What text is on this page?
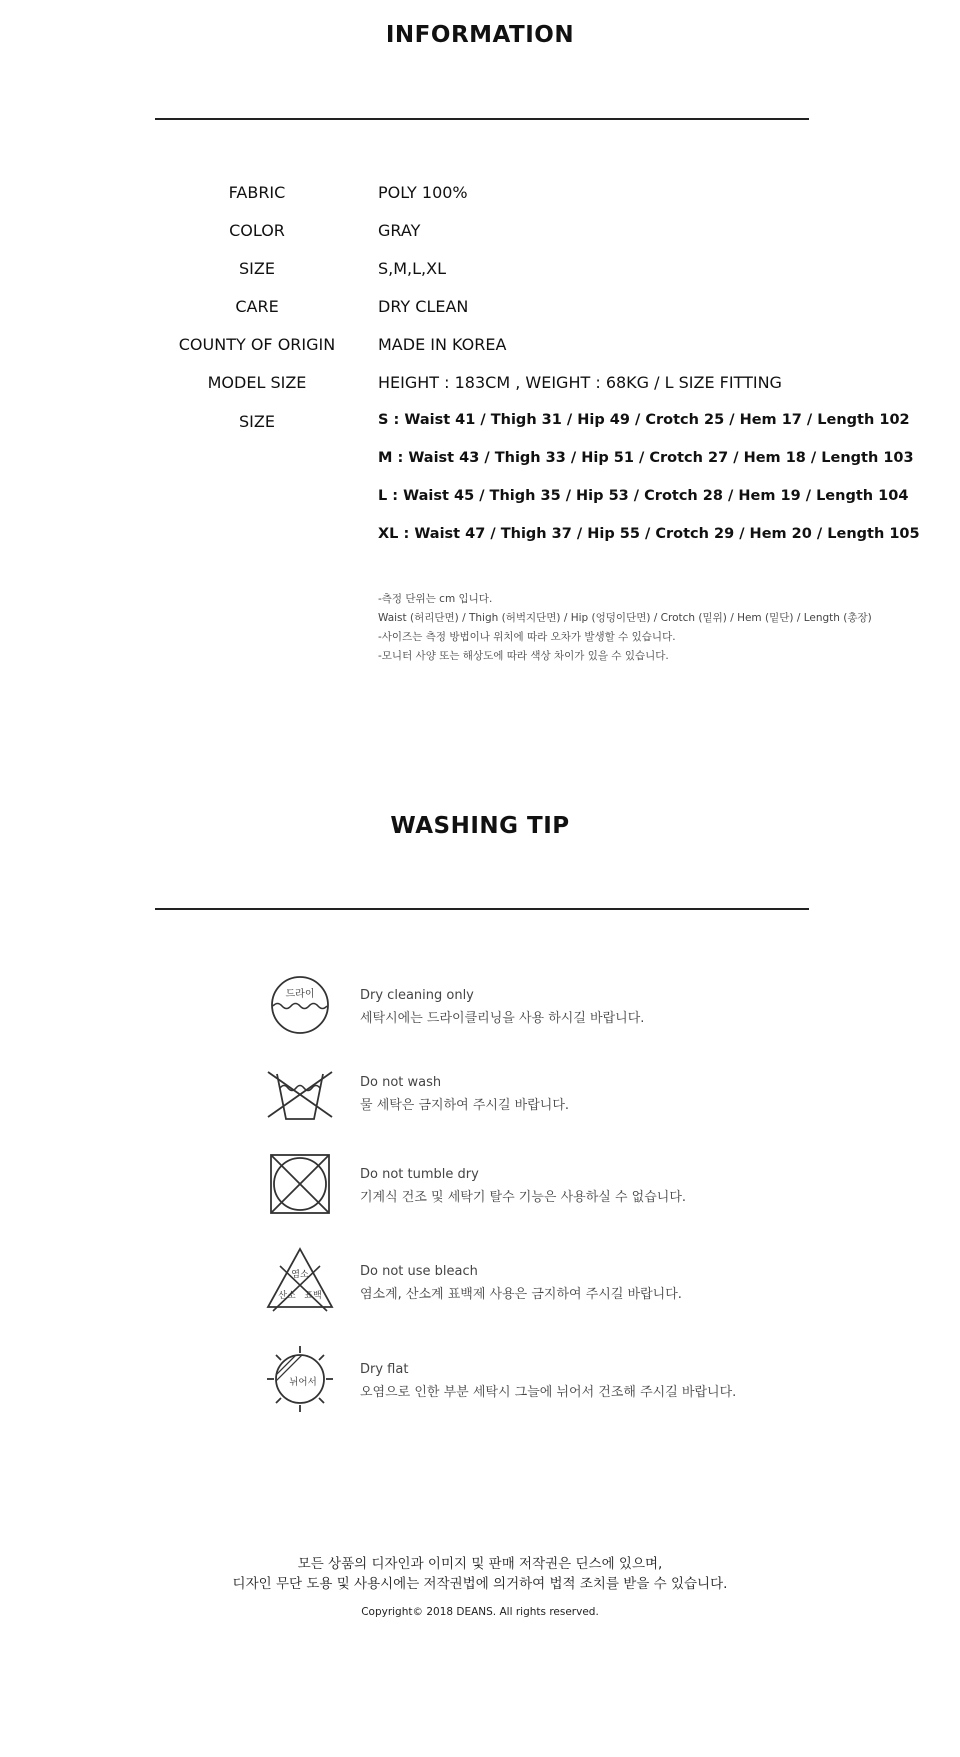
INFORMATION
FABRIC	POLY 100%
COLOR	GRAY
SIZE	S,M,L,XL
CARE	DRY CLEAN
COUNTY OF ORIGIN	MADE IN KOREA
MODEL SIZE	HEIGHT : 183CM , WEIGHT : 68KG / L SIZE FITTING
SIZE	S : Waist 41 / Thigh 31 / Hip 49 / Crotch 25 / Hem 17 / Length 102
M : Waist 43 / Thigh 33 / Hip 51 / Crotch 27 / Hem 18 / Length 103
L : Waist 45 / Thigh 35 / Hip 53 / Crotch 28 / Hem 19 / Length 104
XL : Waist 47 / Thigh 37 / Hip 55 / Crotch 29 / Hem 20 / Length 105
-측정 단위는 cm 입니다.
Waist (허리단면) / Thigh (허벅지단면) / Hip (엉덩이단면) / Crotch (밑위) / Hem (밑단) / Length (총장)
-사이즈는 측정 방법이나 위치에 따라 오차가 발생할 수 있습니다.
-모니터 사양 또는 해상도에 따라 색상 차이가 있을 수 있습니다.
WASHING TIP
드라이	Dry cleaning only
세탁시에는 드라이클리닝을 사용 하시길 바랍니다.
Do not wash
물 세탁은 금지하여 주시길 바랍니다.
Do not tumble dry
기계식 건조 및 세탁기 탈수 기능은 사용하실 수 없습니다.
염소
산소 표백
Do not use bleach
염소계, 산소계 표백제 사용은 금지하여 주시길 바랍니다.
뉘어서
Dry flat
오염으로 인한 부분 세탁시 그늘에 뉘어서 건조해 주시길 바랍니다.
모든 상품의 디자인과 이미지 및 판매 저작권은 딘스에 있으며,
디자인 무단 도용 및 사용시에는 저작권법에 의거하여 법적 조치를 받을 수 있습니다.
Copyright© 2018 DEANS. All rights reserved.
